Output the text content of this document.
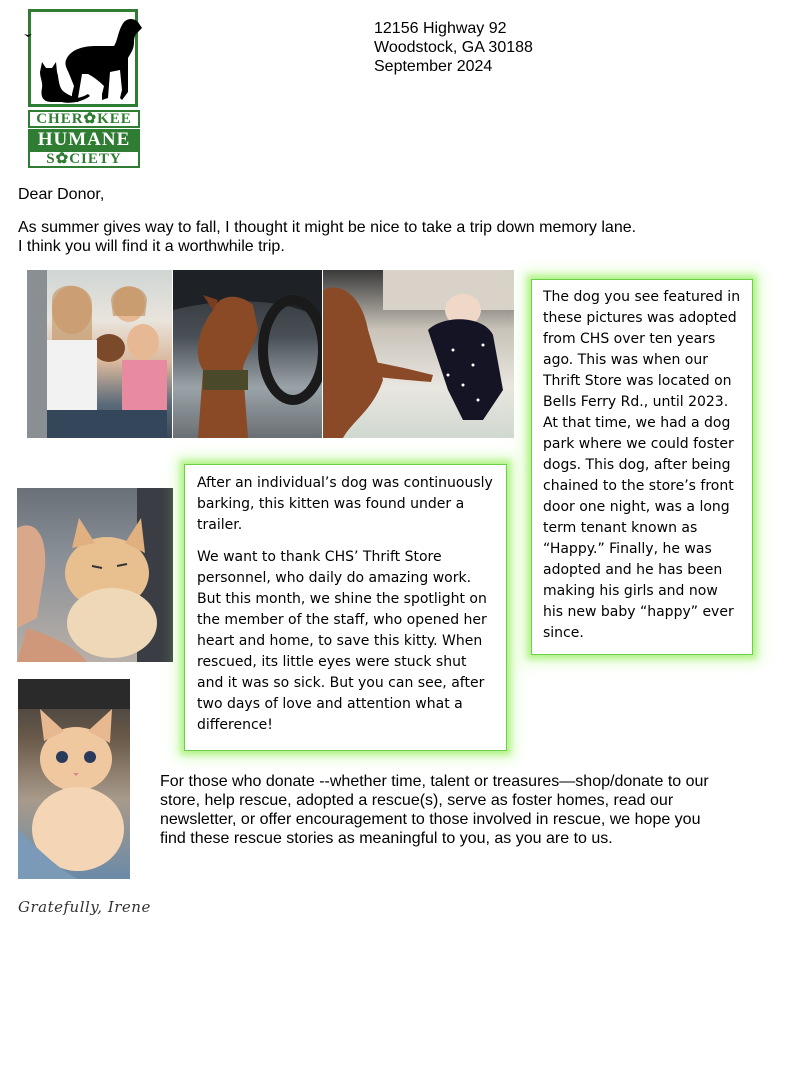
CHER✿KEE
HUMANE
S✿CIETY
12156 Highway 92
Woodstock, GA 30188
September 2024
Dear Donor,
As summer gives way to fall, I thought it might be nice to take a trip down memory lane.
I think you will find it a worthwhile trip.

The dog you see featured in these pictures was adopted from CHS over ten years ago. This was when our Thrift Store was located on Bells Ferry Rd., until 2023. At that time, we had a dog park where we could foster dogs. This dog, after being chained to the store’s front door one night, was a long term tenant known as “Happy.” Finally, he was adopted and he has been making his girls and now his new baby “happy” ever since.

After an individual’s dog was continuously barking, this kitten was found under a trailer.

We want to thank CHS’ Thrift Store personnel, who daily do amazing work. But this month, we shine the spotlight on the member of the staff, who opened her heart and home, to save this kitty. When rescued, its little eyes were stuck shut and it was so sick. But you can see, after two days of love and attention what a difference!

For those who donate --whether time, talent or treasures—shop/donate to our store, help rescue, adopted a rescue(s), serve as foster homes, read our newsletter, or offer encouragement to those involved in rescue, we hope you find these rescue stories as meaningful to you, as you are to us.
Gratefully, Irene
